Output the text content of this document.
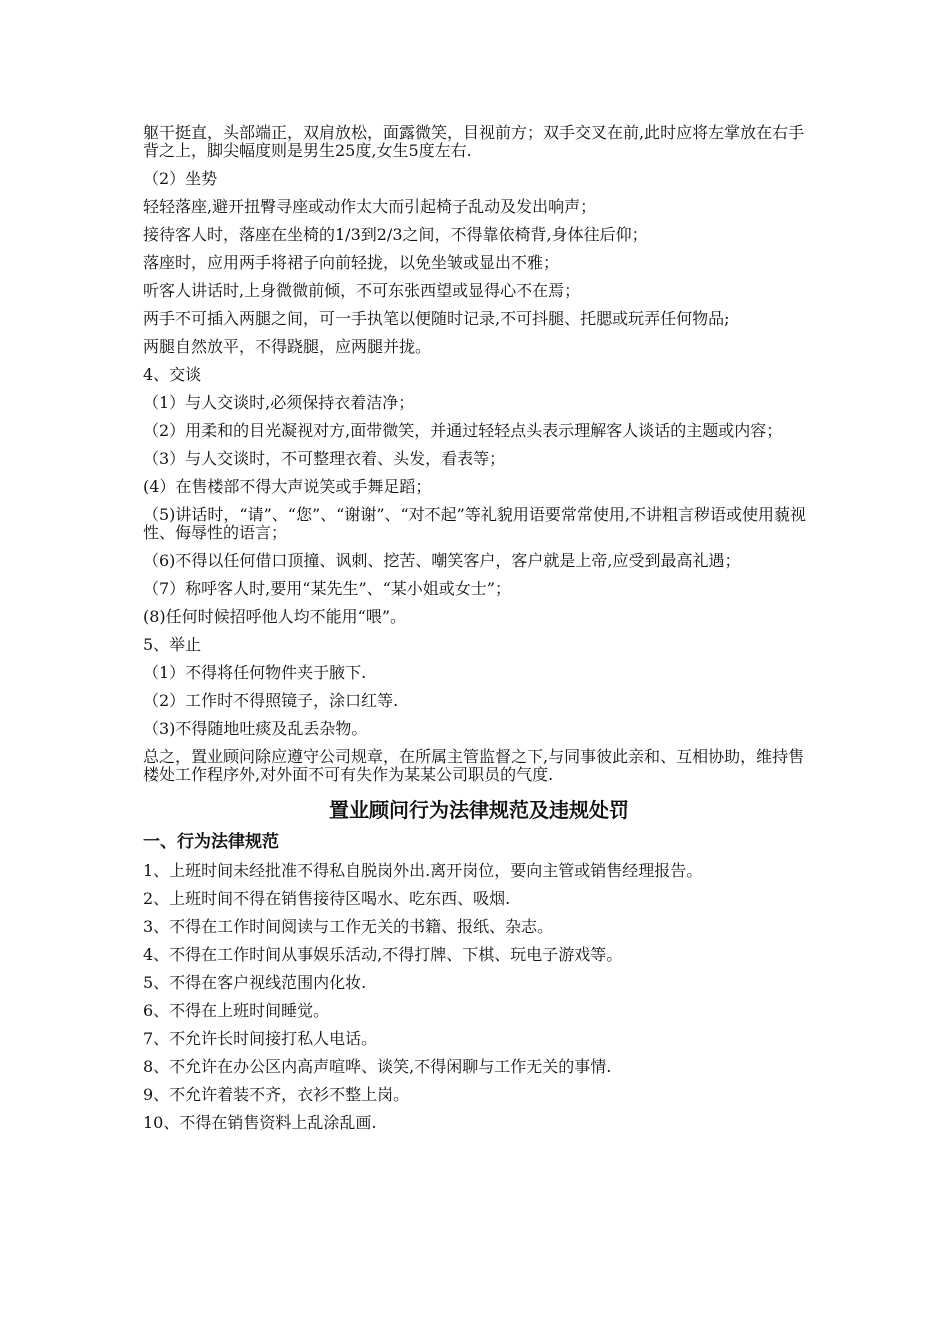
躯干挺直，头部端正，双肩放松，面露微笑，目视前方；双手交叉在前,此时应将左掌放在右手背之上，脚尖幅度则是男生25度,女生5度左右.

（2）坐势

轻轻落座,避开扭臀寻座或动作太大而引起椅子乱动及发出响声；

接待客人时，落座在坐椅的1/3到2/3之间，不得靠依椅背,身体往后仰；

落座时，应用两手将裙子向前轻拢，以免坐皱或显出不雅；

听客人讲话时,上身微微前倾，不可东张西望或显得心不在焉；

两手不可插入两腿之间，可一手执笔以便随时记录,不可抖腿、托腮或玩弄任何物品;

两腿自然放平，不得跷腿，应两腿并拢。

4、交谈

（1）与人交谈时,必须保持衣着洁净；

（2）用柔和的目光凝视对方,面带微笑，并通过轻轻点头表示理解客人谈话的主题或内容；

（3）与人交谈时，不可整理衣着、头发，看表等；

(4）在售楼部不得大声说笑或手舞足蹈；

（5)讲话时，“请”、“您”、“谢谢”、“对不起”等礼貌用语要常常使用,不讲粗言秽语或使用藐视性、侮辱性的语言；

（6)不得以任何借口顶撞、讽刺、挖苦、嘲笑客户，客户就是上帝,应受到最高礼遇；

（7）称呼客人时,要用“某先生”、“某小姐或女士”；

(8)任何时候招呼他人均不能用“喂”。

5、举止

（1）不得将任何物件夹于腋下.

（2）工作时不得照镜子，涂口红等.

（3)不得随地吐痰及乱丢杂物。

总之，置业顾问除应遵守公司规章，在所属主管监督之下,与同事彼此亲和、互相协助，维持售楼处工作程序外,对外面不可有失作为某某公司职员的气度.

置业顾问行为法律规范及违规处罚
一、行为法律规范

1、上班时间未经批准不得私自脱岗外出.离开岗位，要向主管或销售经理报告。

2、上班时间不得在销售接待区喝水、吃东西、吸烟.

3、不得在工作时间阅读与工作无关的书籍、报纸、杂志。

4、不得在工作时间从事娱乐活动,不得打牌、下棋、玩电子游戏等。

5、不得在客户视线范围内化妆.

6、不得在上班时间睡觉。

7、不允许长时间接打私人电话。

8、不允许在办公区内高声喧哗、谈笑,不得闲聊与工作无关的事情.

9、不允许着装不齐，衣衫不整上岗。

10、不得在销售资料上乱涂乱画.
